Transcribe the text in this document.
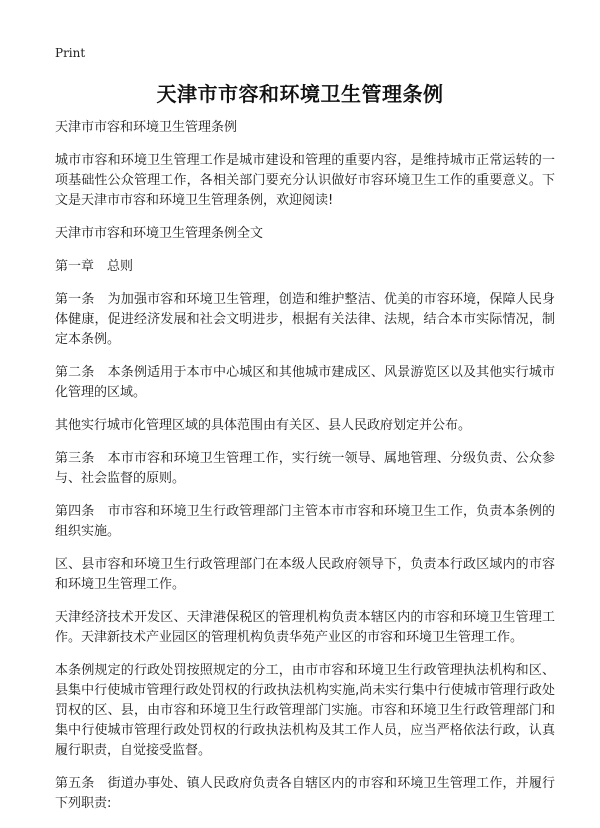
Print
天津市市容和环境卫生管理条例

天津市市容和环境卫生管理条例

城市市容和环境卫生管理工作是城市建设和管理的重要内容，是维持城市正常运转的一项基础性公众管理工作，各相关部门要充分认识做好市容环境卫生工作的重要意义。下文是天津市市容和环境卫生管理条例，欢迎阅读!

天津市市容和环境卫生管理条例全文

第一章　总则

第一条　为加强市容和环境卫生管理，创造和维护整洁、优美的市容环境，保障人民身体健康，促进经济发展和社会文明进步，根据有关法律、法规，结合本市实际情况，制定本条例。

第二条　本条例适用于本市中心城区和其他城市建成区、风景游览区以及其他实行城市化管理的区域。

其他实行城市化管理区域的具体范围由有关区、县人民政府划定并公布。

第三条　本市市容和环境卫生管理工作，实行统一领导、属地管理、分级负责、公众参与、社会监督的原则。

第四条　市市容和环境卫生行政管理部门主管本市市容和环境卫生工作，负责本条例的组织实施。

区、县市容和环境卫生行政管理部门在本级人民政府领导下，负责本行政区域内的市容和环境卫生管理工作。

天津经济技术开发区、天津港保税区的管理机构负责本辖区内的市容和环境卫生管理工作。天津新技术产业园区的管理机构负责华苑产业区的市容和环境卫生管理工作。

本条例规定的行政处罚按照规定的分工，由市市容和环境卫生行政管理执法机构和区、县集中行使城市管理行政处罚权的行政执法机构实施,尚未实行集中行使城市管理行政处罚权的区、县，由市容和环境卫生行政管理部门实施。市容和环境卫生行政管理部门和集中行使城市管理行政处罚权的行政执法机构及其工作人员，应当严格依法行政，认真履行职责，自觉接受监督。

第五条　街道办事处、镇人民政府负责各自辖区内的市容和环境卫生管理工作，并履行下列职责:
